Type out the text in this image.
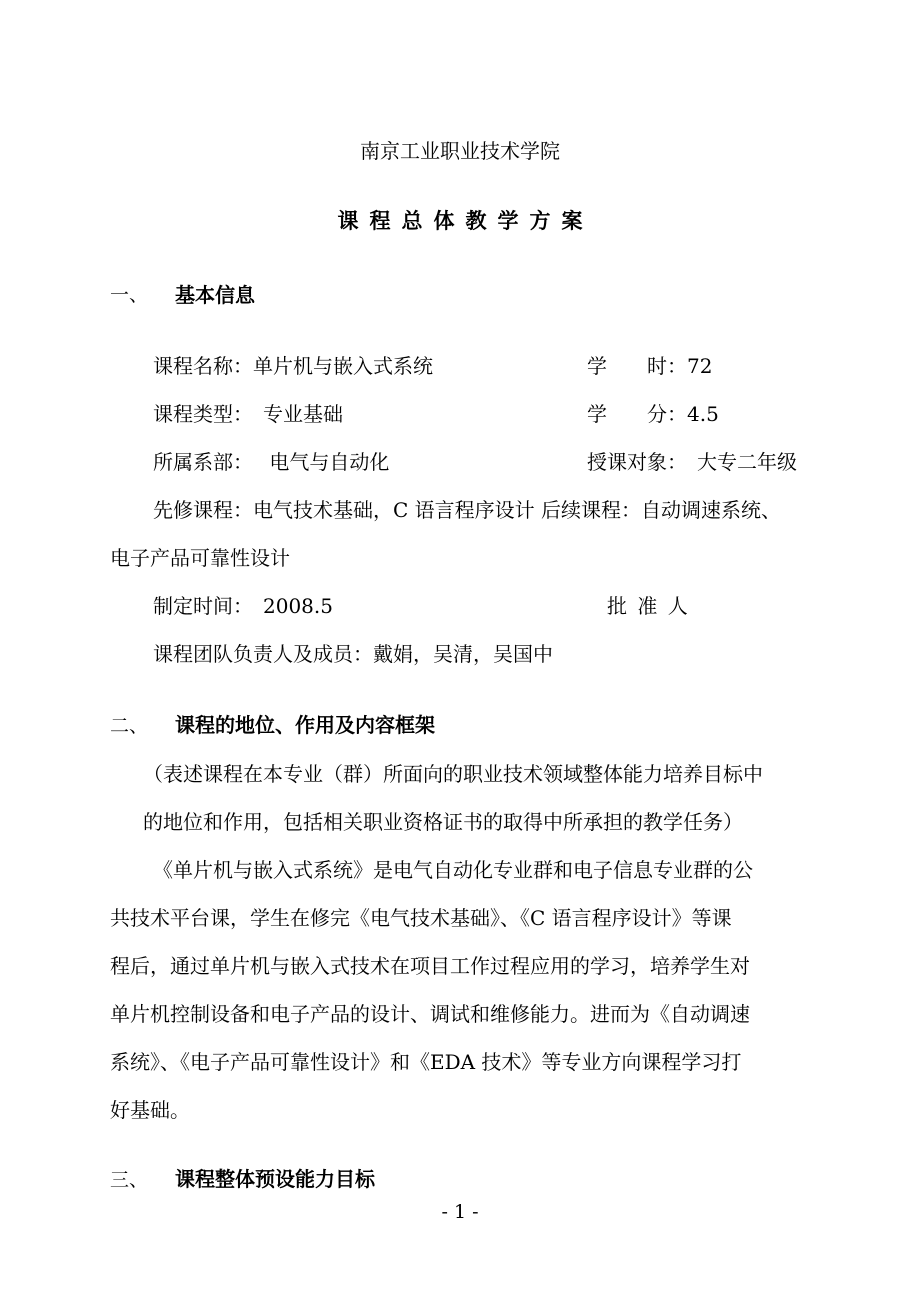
南京工业职业技术学院
课程总体教学方案
一、 基本信息
课程名称：单片机与嵌入式系统	学　　时：72
课程类型：　专业基础	学　　分：4.5
所属系部：　 电气与自动化	授课对象：　大专二年级
先修课程：电气技术基础，C 语言程序设计 后续课程：自动调速系统、
电子产品可靠性设计
制定时间：　2008.5	批 准 人
课程团队负责人及成员：戴娟，吴清，吴国中
二、 课程的地位、作用及内容框架
（表述课程在本专业（群）所面向的职业技术领域整体能力培养目标中
的地位和作用，包括相关职业资格证书的取得中所承担的教学任务）
《单片机与嵌入式系统》是电气自动化专业群和电子信息专业群的公
共技术平台课，学生在修完《电气技术基础》、《C 语言程序设计》等课
程后，通过单片机与嵌入式技术在项目工作过程应用的学习，培养学生对
单片机控制设备和电子产品的设计、调试和维修能力。进而为《自动调速
系统》、《电子产品可靠性设计》和《EDA 技术》等专业方向课程学习打
好基础。
三、 课程整体预设能力目标
- 1 -
